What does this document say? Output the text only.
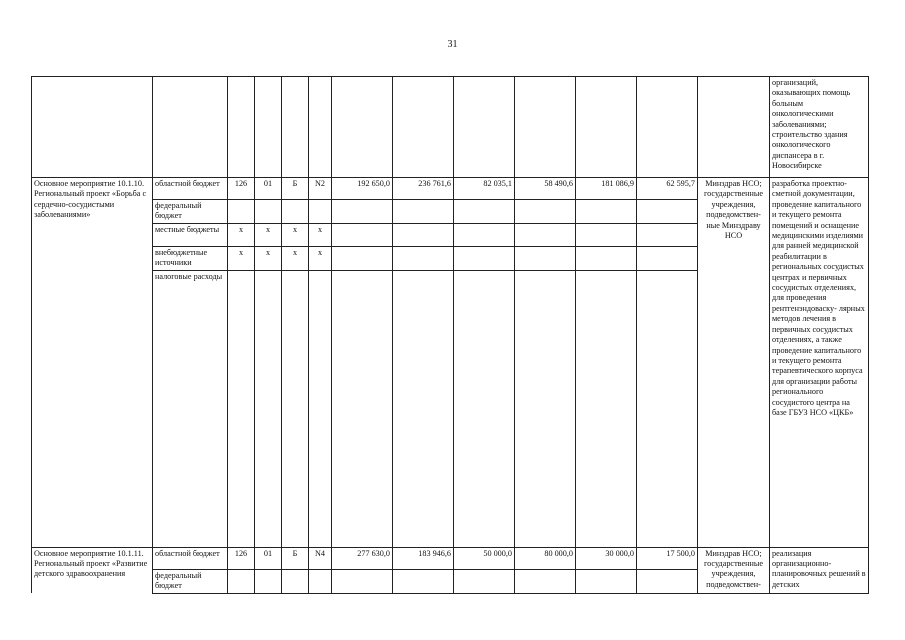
31
													организаций, оказывающих помощь больным онкологическими заболеваниями; строительство здания онкологического диспансера в г. Новосибирске
Основное мероприятие 10.1.10. Региональный проект «Борьба с сердечно-сосудистыми заболеваниями»	областной бюджет	126	01	Б	N2	192 650,0	236 761,6	82 035,1	58 490,6	181 086,9	62 595,7	Минздрав НСО; государственные учреждения, подведомствен- ные Минздраву НСО	разработка проектно- сметной документации, проведение капитального и текущего ремонта помещений и оснащение медицинскими изделиями для ранней медицинской реабилитации в региональных сосудистых центрах и первичных сосудистых отделениях, для проведения рентгенэндоваску- лярных методов лечения в первичных сосудистых отделениях, а также проведение капитального и текущего ремонта терапевтического корпуса для организации работы регионального сосудистого центра на базе ГБУЗ НСО «ЦКБ»
	федеральный бюджет												
	местные бюджеты	x	x	x	x								
	внебюджетные источники	x	x	x	x								
	налоговые расходы												
Основное мероприятие 10.1.11. Региональный проект «Развитие детского здравоохранения	областной бюджет	126	01	Б	N4	277 630,0	183 946,6	50 000,0	80 000,0	30 000,0	17 500,0	Минздрав НСО; государственные учреждения, подведомствен-	реализация организационно- планировочных решений в детских
	федеральный бюджет												
